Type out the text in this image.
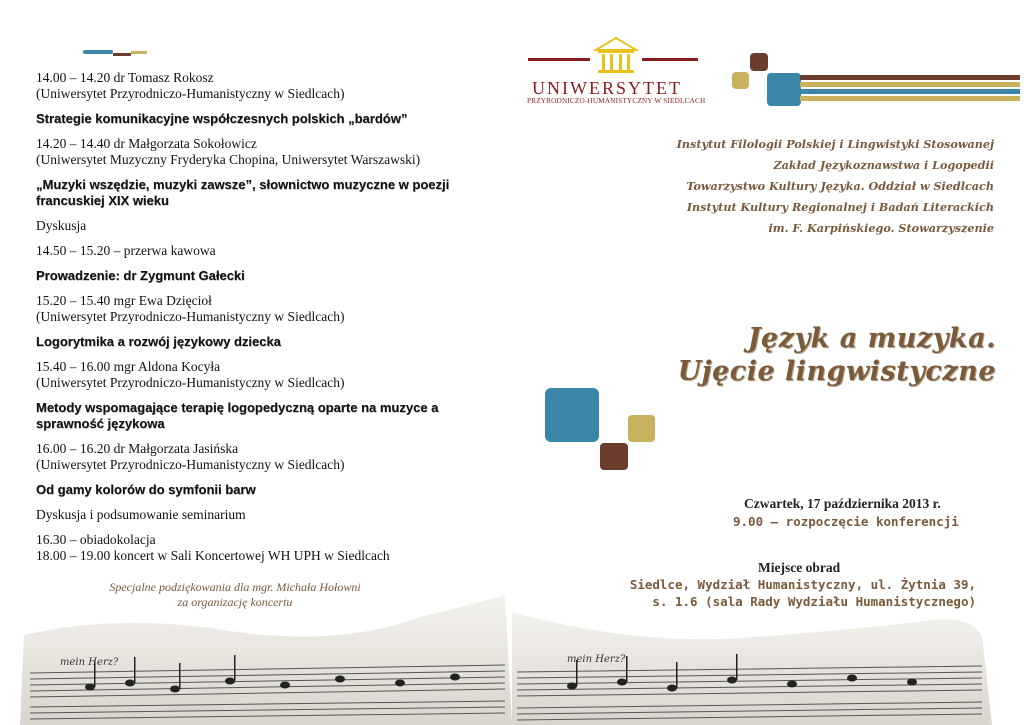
14.00 – 14.20 dr Tomasz Rokosz
(Uniwersytet Przyrodniczo-Humanistyczny w Siedlcach)
Strategie komunikacyjne współczesnych polskich „bardów”
14.20 – 14.40 dr Małgorzata Sokołowicz
(Uniwersytet Muzyczny Fryderyka Chopina, Uniwersytet Warszawski)
„Muzyki wszędzie, muzyki zawsze”, słownictwo muzyczne w poezji francuskiej XIX wieku
Dyskusja
14.50 – 15.20 – przerwa kawowa
Prowadzenie: dr Zygmunt Gałecki
15.20 – 15.40 mgr Ewa Dzięcioł
(Uniwersytet Przyrodniczo-Humanistyczny w Siedlcach)
Logorytmika a rozwój językowy dziecka
15.40 – 16.00 mgr Aldona Kocyła
(Uniwersytet Przyrodniczo-Humanistyczny w Siedlcach)
Metody wspomagające terapię logopedyczną oparte na muzyce a sprawność językowa
16.00 – 16.20 dr Małgorzata Jasińska
(Uniwersytet Przyrodniczo-Humanistyczny w Siedlcach)
Od gamy kolorów do symfonii barw
Dyskusja i podsumowanie seminarium
16.30 – obiadokolacja
18.00 – 19.00 koncert w Sali Koncertowej WH UPH w Siedlcach
Specjalne podziękowania dla mgr. Michała Hołowni
za organizację koncertu
UNIWERSYTET
PRZYRODNICZO-HUMANISTYCZNY W SIEDLCACH
Instytut Filologii Polskiej i Lingwistyki Stosowanej
Zakład Językoznawstwa i Logopedii
Towarzystwo Kultury Języka. Oddział w Siedlcach
Instytut Kultury Regionalnej i Badań Literackich
im. F. Karpińskiego. Stowarzyszenie
Język a muzyka.
Ujęcie lingwistyczne
Czwartek, 17 października 2013 r.
9.00 – rozpoczęcie konferencji
Miejsce obrad
Siedlce, Wydział Humanistyczny, ul. Żytnia 39,
s. 1.6 (sala Rady Wydziału Humanistycznego)
mein Herz?	mein Herz?
